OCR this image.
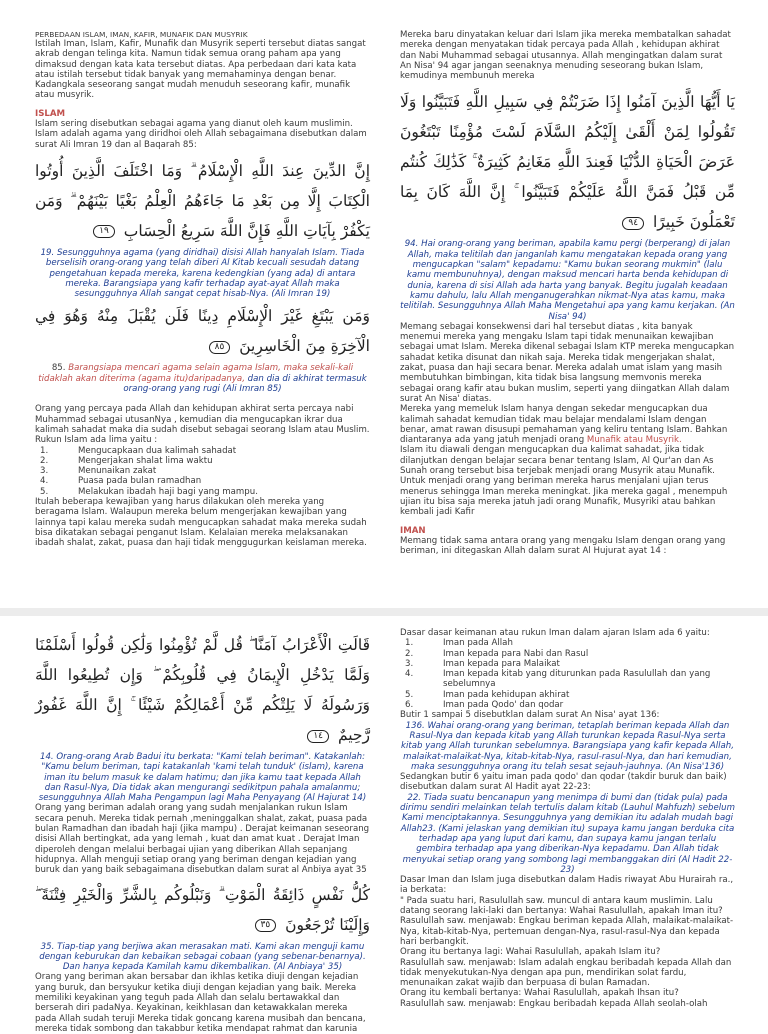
PERBEDAAN ISLAM, IMAN, KAFIR, MUNAFIK DAN MUSYRIK

Istilah Iman, Islam, Kafir, Munafik dan Musyrik seperti tersebut diatas sangat akrab dengan telinga kita. Namun tidak semua orang paham apa yang dimaksud dengan kata kata tersebut diatas. Apa perbedaan dari kata kata atau istilah tersebut tidak banyak yang memahaminya dengan benar. Kadangkala seseorang sangat mudah menuduh seseorang kafir, munafik atau musyrik.

ISLAM

Islam sering disebutkan sebagai agama yang dianut oleh kaum muslimin. Islam adalah agama yang diridhoi oleh Allah sebagaimana disebutkan dalam surat Ali Imran 19 dan al Baqarah 85:

إِنَّ الدِّينَ عِندَ اللَّهِ الْإِسْلَامُ ۗ وَمَا اخْتَلَفَ الَّذِينَ أُوتُوا الْكِتَابَ إِلَّا مِن بَعْدِ مَا جَاءَهُمُ الْعِلْمُ بَغْيًا بَيْنَهُمْ ۗ وَمَن يَكْفُرْ بِآيَاتِ اللَّهِ فَإِنَّ اللَّهَ سَرِيعُ الْحِسَابِ ١٩

19. Sesungguhnya agama (yang diridhai) disisi Allah hanyalah Islam. Tiada berselisih orang-orang yang telah diberi Al Kitab kecuali sesudah datang pengetahuan kepada mereka, karena kedengkian (yang ada) di antara mereka. Barangsiapa yang kafir terhadap ayat-ayat Allah maka sesungguhnya Allah sangat cepat hisab-Nya. (Ali Imran 19)

وَمَن يَبْتَغِ غَيْرَ الْإِسْلَامِ دِينًا فَلَن يُقْبَلَ مِنْهُ وَهُوَ فِي الْآخِرَةِ مِنَ الْخَاسِرِينَ ٨٥

85. Barangsiapa mencari agama selain agama Islam, maka sekali-kali tidaklah akan diterima (agama itu)daripadanya, dan dia di akhirat termasuk orang-orang yang rugi (Ali Imran 85)

Orang yang percaya pada Allah dan kehidupan akhirat serta percaya nabi Muhammad sebagai utusanNya , kemudian dia mengucapkan ikrar dua kalimah sahadat maka dia sudah disebut sebagai seorang Islam atau Muslim. Rukun Islam ada lima yaitu :

1.	Mengucapkaan dua kalimah sahadat
2.	Mengerjakan shalat lima waktu
3.	Menunaikan zakat
4.	Puasa pada bulan ramadhan
5.	Melakukan ibadah haji bagi yang mampu.

Itulah beberapa kewajiban yang harus dilakukan oleh mereka yang beragama Islam. Walaupun mereka belum mengerjakan kewajiban yang lainnya tapi kalau mereka sudah mengucapkan sahadat maka mereka sudah bisa dikatakan sebagai penganut Islam. Kelalaian mereka melaksanakan ibadah shalat, zakat, puasa dan haji tidak menggugurkan keislaman mereka.

Mereka baru dinyatakan keluar dari Islam jika mereka membatalkan sahadat mereka dengan menyatakan tidak percaya pada Allah , kehidupan akhirat dan Nabi Muhammad sebagai utusannya. Allah mengingatkan dalam surat An Nisa' 94 agar jangan seenaknya menuding seseorang bukan Islam, kemudinya membunuh mereka

يَا أَيُّهَا الَّذِينَ آمَنُوا إِذَا ضَرَبْتُمْ فِي سَبِيلِ اللَّهِ فَتَبَيَّنُوا وَلَا تَقُولُوا لِمَنْ أَلْقَىٰ إِلَيْكُمُ السَّلَامَ لَسْتَ مُؤْمِنًا تَبْتَغُونَ عَرَضَ الْحَيَاةِ الدُّنْيَا فَعِندَ اللَّهِ مَغَانِمُ كَثِيرَةٌ ۚ كَذَٰلِكَ كُنتُم مِّن قَبْلُ فَمَنَّ اللَّهُ عَلَيْكُمْ فَتَبَيَّنُوا ۚ إِنَّ اللَّهَ كَانَ بِمَا تَعْمَلُونَ خَبِيرًا ٩٤

94. Hai orang-orang yang beriman, apabila kamu pergi (berperang) di jalan Allah, maka telitilah dan janganlah kamu mengatakan kepada orang yang mengucapkan "salam" kepadamu: "Kamu bukan seorang mukmin" (lalu kamu membunuhnya), dengan maksud mencari harta benda kehidupan di dunia, karena di sisi Allah ada harta yang banyak. Begitu jugalah keadaan kamu dahulu, lalu Allah menganugerahkan nikmat-Nya atas kamu, maka telitilah. Sesungguhnya Allah Maha Mengetahui apa yang kamu kerjakan. (An Nisa' 94)

Memang sebagai konsekwensi dari hal tersebut diatas , kita banyak menemui mereka yang mengaku Islam tapi tidak menunaikan kewajiban sebagai umat Islam. Mereka dikenal sebagai Islam KTP mereka mengucapkan sahadat ketika disunat dan nikah saja. Mereka tidak mengerjakan shalat, zakat, puasa dan haji secara benar. Mereka adalah umat islam yang masih membutuhkan bimbingan, kita tidak bisa langsung memvonis mereka sebagai orang kafir atau bukan muslim, seperti yang diingatkan Allah dalam surat An Nisa' diatas.

Mereka yang memeluk Islam hanya dengan sekedar mengucapkan dua kalimah sahadat kemudian tidak mau belajar mendalami Islam dengan benar, amat rawan disusupi pemahaman yang keliru tentang Islam. Bahkan diantaranya ada yang jatuh menjadi orang Munafik atau Musyrik.

Islam itu diawali dengan mengucapkan dua kalimat sahadat, jika tidak dilanjutkan dengan belajar secara benar tentang Islam, Al Qur'an dan As Sunah orang tersebut bisa terjebak menjadi orang Musyrik atau Munafik. Untuk menjadi orang yang beriman mereka harus menjalani ujian terus menerus sehingga Iman mereka meningkat. Jika mereka gagal , menempuh ujian itu bisa saja mereka jatuh jadi orang Munafik, Musyriki atau bahkan kembali jadi Kafir

IMAN

Memang tidak sama antara orang yang mengaku Islam dengan orang yang beriman, ini ditegaskan Allah dalam surat Al Hujurat ayat 14 :

قَالَتِ الْأَعْرَابُ آمَنَّا ۖ قُل لَّمْ تُؤْمِنُوا وَلَٰكِن قُولُوا أَسْلَمْنَا وَلَمَّا يَدْخُلِ الْإِيمَانُ فِي قُلُوبِكُمْ ۖ وَإِن تُطِيعُوا اللَّهَ وَرَسُولَهُ لَا يَلِتْكُم مِّنْ أَعْمَالِكُمْ شَيْئًا ۚ إِنَّ اللَّهَ غَفُورٌ رَّحِيمٌ ١٤

14. Orang-orang Arab Badui itu berkata: "Kami telah beriman". Katakanlah: "Kamu belum beriman, tapi katakanlah 'kami telah tunduk' (islam), karena iman itu belum masuk ke dalam hatimu; dan jika kamu taat kepada Allah dan Rasul-Nya, Dia tidak akan mengurangi sedikitpun pahala amalanmu; sesungguhnya Allah Maha Pengampun lagi Maha Penyayang (Al Hajurat 14)

Orang yang beriman adalah orang yang sudah menjalankan rukun Islam secara penuh. Mereka tidak pernah ,meninggalkan shalat, zakat, puasa pada bulan Ramadhan dan ibadah haji (jika mampu) . Derajat keimanan seseorang disisi Allah bertingkat, ada yang lemah , kuat dan amat kuat . Derajat Iman diperoleh dengan melalui berbagai ujian yang diberikan Allah sepanjang hidupnya. Allah menguji setiap orang yang beriman dengan kejadian yang buruk dan yang baik sebagaimana disebutkan dalam surat al Anbiya ayat 35

كُلُّ نَفْسٍ ذَائِقَةُ الْمَوْتِ ۗ وَنَبْلُوكُم بِالشَّرِّ وَالْخَيْرِ فِتْنَةً ۖ وَإِلَيْنَا تُرْجَعُونَ ٣٥

35. Tiap-tiap yang berjiwa akan merasakan mati. Kami akan menguji kamu dengan keburukan dan kebaikan sebagai cobaan (yang sebenar-benarnya). Dan hanya kepada Kamilah kamu dikembalikan. (Al Anbiaya' 35)

Orang yang beriman akan bersabar dan ikhlas ketika diuji dengan kejadian yang buruk, dan bersyukur ketika diuji dengan kejadian yang baik. Mereka memiliki keyakinan yang teguh pada Allah dan selalu bertawakkal dan berserah diri padaNya. Keyakinan, keikhlasan dan ketawakkalan mereka pada Allah sudah teruji Mereka tidak goncang karena musibah dan bencana, mereka tidak sombong dan takabbur ketika mendapat rahmat dan karunia

Dasar dasar keimanan atau rukun Iman dalam ajaran Islam ada 6 yaitu:

1.	Iman pada Allah
2.	Iman kepada para Nabi dan Rasul
3.	Iman kepada para Malaikat
4.	Iman kepada kitab yang diturunkan pada Rasulullah dan yang sebelumnya
5.	Iman pada kehidupan akhirat
6.	Iman pada Qodo' dan qodar

Butir 1 sampai 5 disebutklan dalam surat An Nisa' ayat 136:

136. Wahai orang-orang yang beriman, tetaplah beriman kepada Allah dan Rasul-Nya dan kepada kitab yang Allah turunkan kepada Rasul-Nya serta kitab yang Allah turunkan sebelumnya. Barangsiapa yang kafir kepada Allah, malaikat-malaikat-Nya, kitab-kitab-Nya, rasul-rasul-Nya, dan hari kemudian, maka sesungguhnya orang itu telah sesat sejauh-jauhnya. (An Nisa'136)

Sedangkan butir 6 yaitu iman pada qodo' dan qodar (takdir buruk dan baik) disebutkan dalam surat Al Hadit ayat 22-23:

22. Tiada suatu bencanapun yang menimpa di bumi dan (tidak pula) pada dirimu sendiri melainkan telah tertulis dalam kitab (Lauhul Mahfuzh) sebelum Kami menciptakannya. Sesungguhnya yang demikian itu adalah mudah bagi Allah23. (Kami jelaskan yang demikian itu) supaya kamu jangan berduka cita terhadap apa yang luput dari kamu, dan supaya kamu jangan terlalu gembira terhadap apa yang diberikan-Nya kepadamu. Dan Allah tidak menyukai setiap orang yang sombong lagi membanggakan diri (Al Hadit 22-23)

Dasar Iman dan Islam juga disebutkan dalam Hadis riwayat Abu Hurairah ra., ia berkata:

" Pada suatu hari, Rasulullah saw. muncul di antara kaum muslimin. Lalu datang seorang laki-laki dan bertanya: Wahai Rasulullah, apakah Iman itu?

Rasulullah saw. menjawab: Engkau beriman kepada Allah, malaikat-malaikat-Nya, kitab-kitab-Nya, pertemuan dengan-Nya, rasul-rasul-Nya dan kepada hari berbangkit.

Orang itu bertanya lagi: Wahai Rasulullah, apakah Islam itu?

Rasulullah saw. menjawab: Islam adalah engkau beribadah kepada Allah dan tidak menyekutukan-Nya dengan apa pun, mendirikan solat fardu, menunaikan zakat wajib dan berpuasa di bulan Ramadan.

Orang itu kembali bertanya: Wahai Rasulullah, apakah Ihsan itu?

Rasulullah saw. menjawab: Engkau beribadah kepada Allah seolah-olah
